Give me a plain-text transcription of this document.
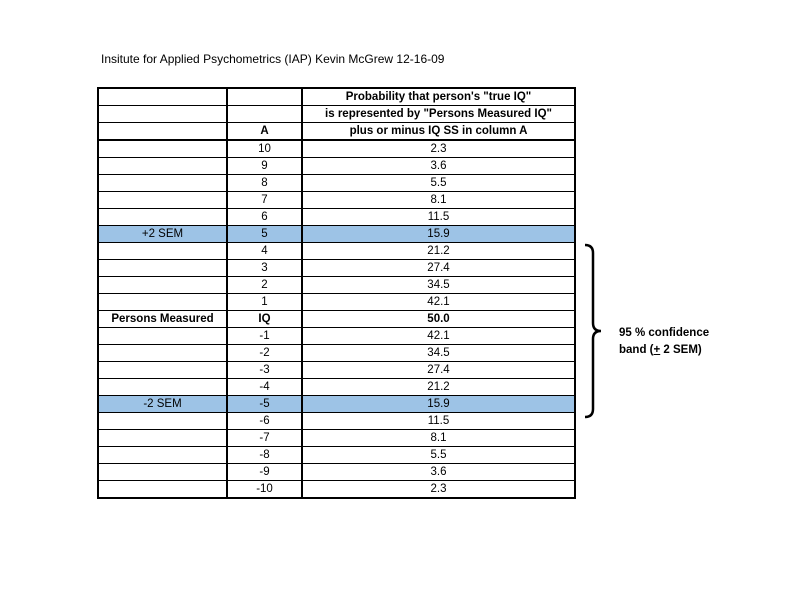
Insitute for Applied Psychometrics (IAP) Kevin McGrew 12-16-09
		Probability that person's "true IQ"
		is represented by "Persons Measured IQ"
	A	plus or minus IQ SS in column A
	10	2.3
	9	3.6
	8	5.5
	7	8.1
	6	11.5
+2 SEM	5	15.9
	4	21.2
	3	27.4
	2	34.5
	1	42.1
Persons Measured	IQ	50.0
	-1	42.1
	-2	34.5
	-3	27.4
	-4	21.2
-2 SEM	-5	15.9
	-6	11.5
	-7	8.1
	-8	5.5
	-9	3.6
	-10	2.3
95 % confidence
band (+ 2 SEM)
